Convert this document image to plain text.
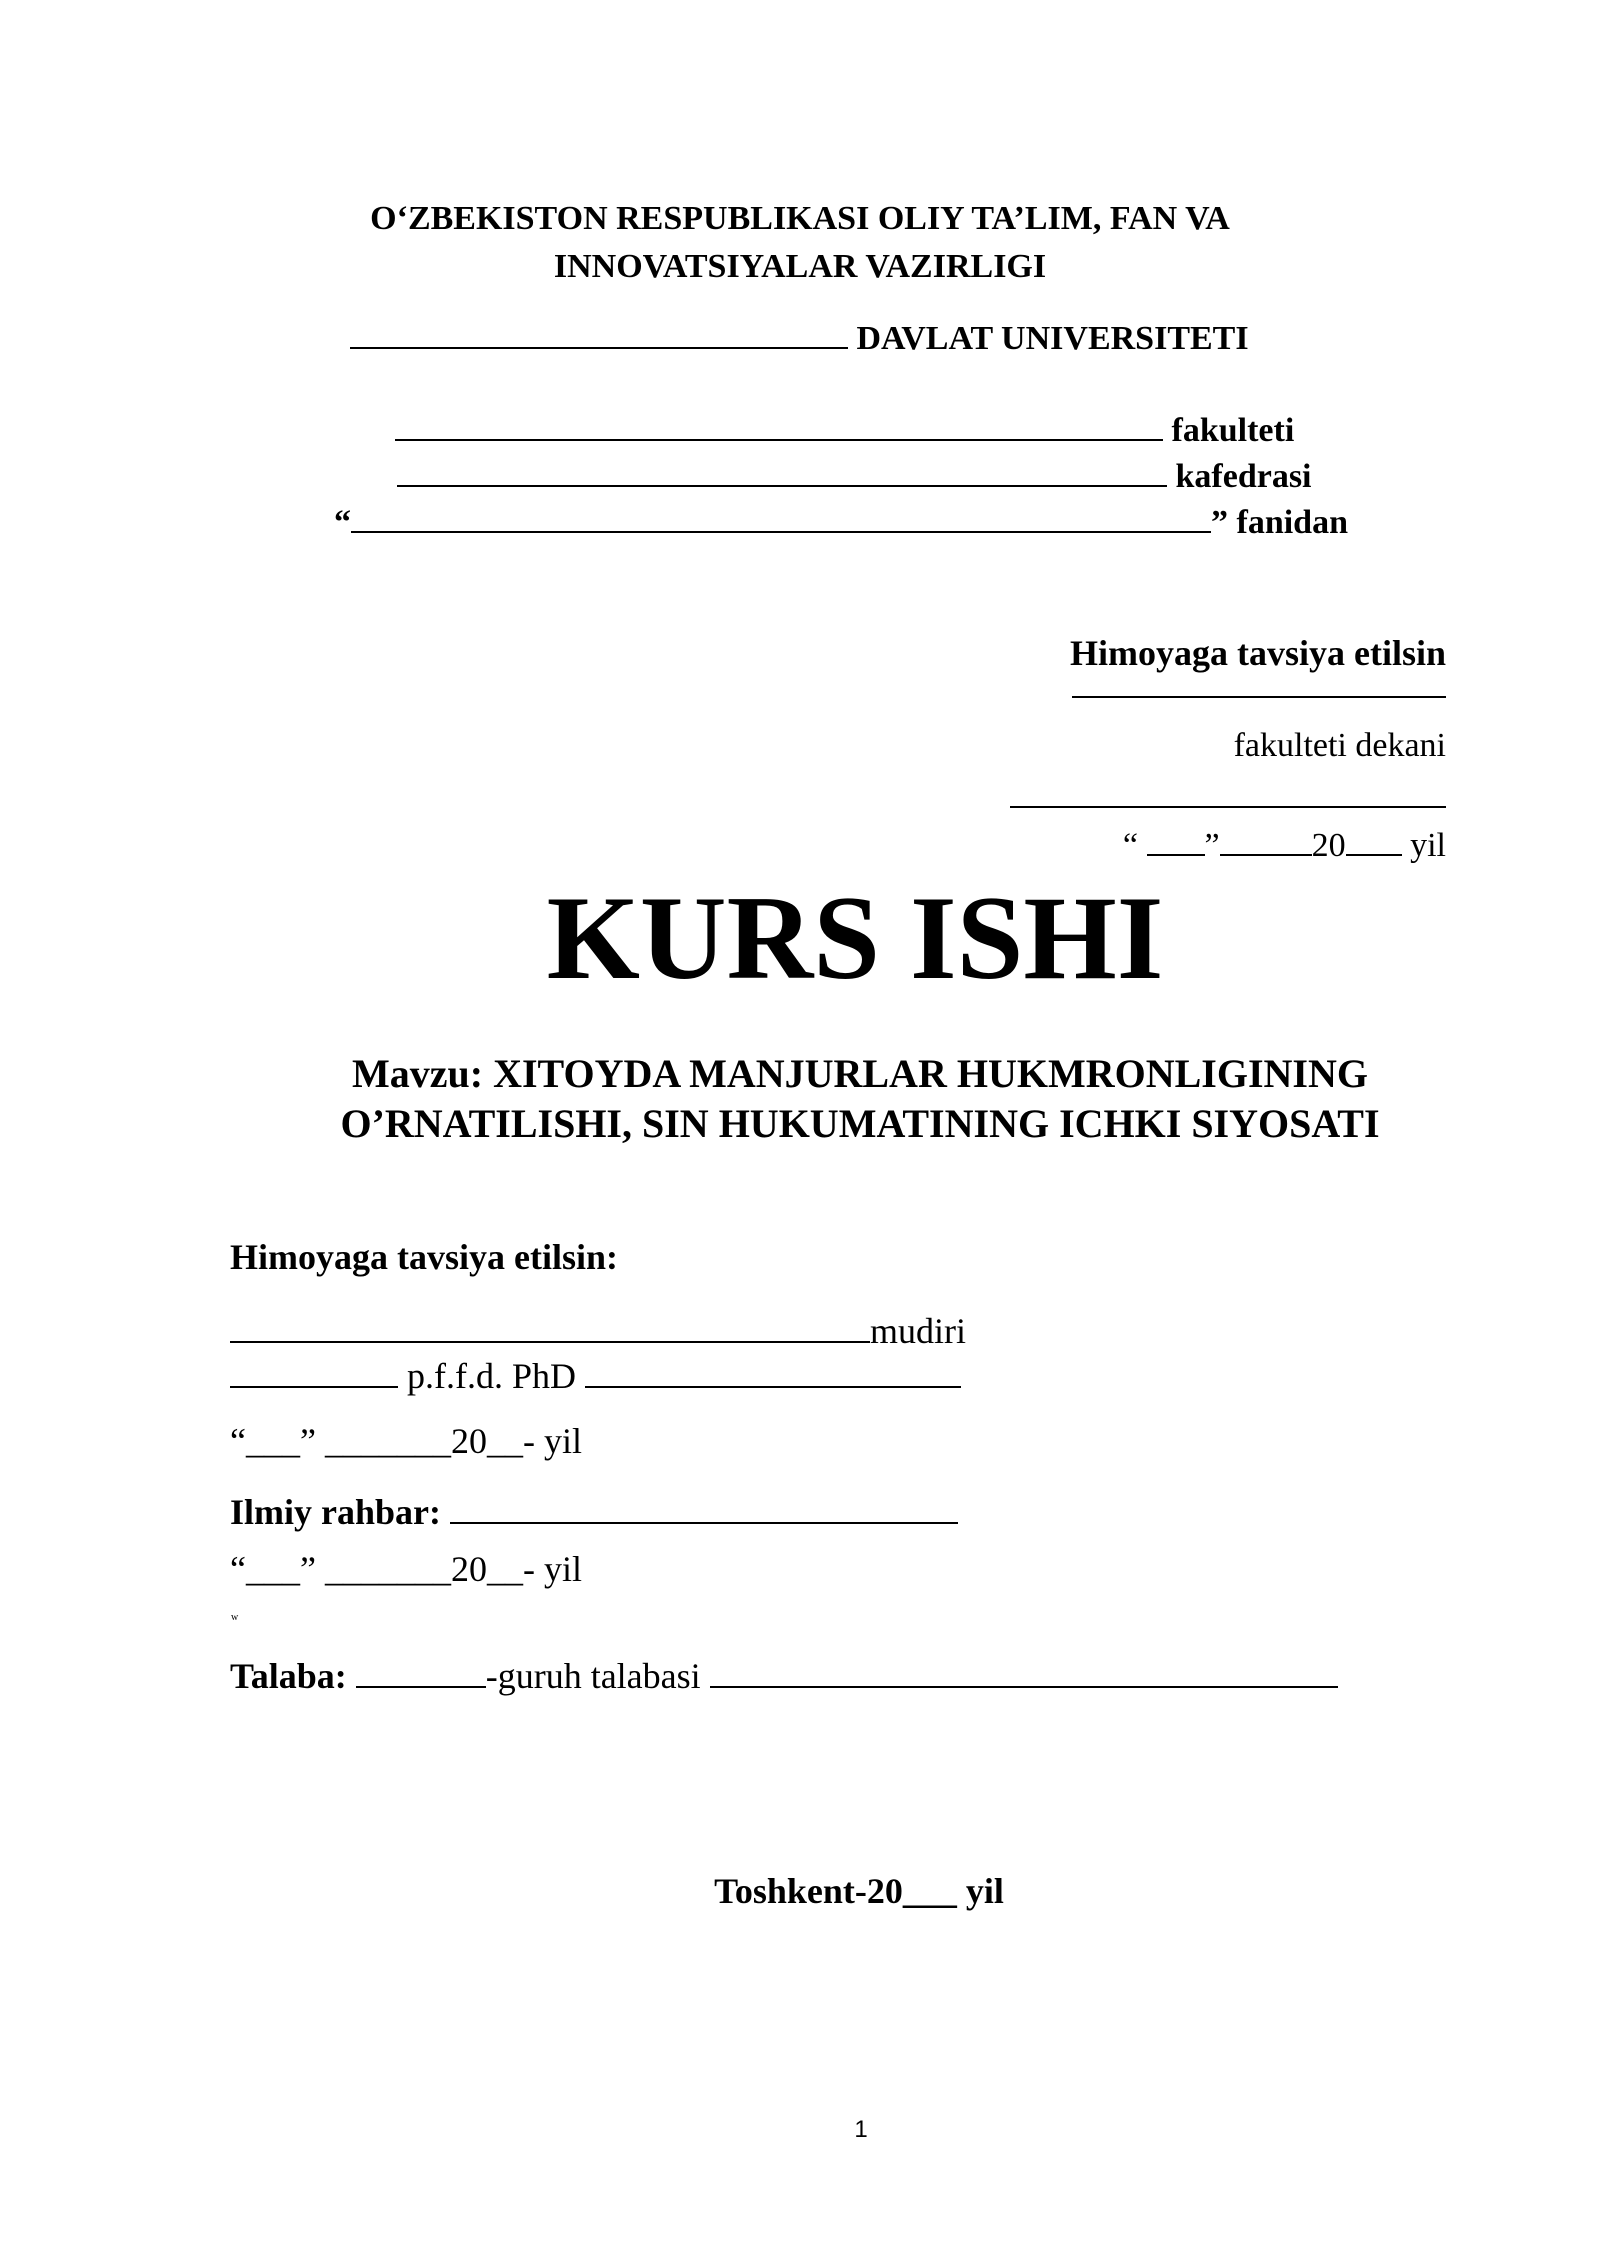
O‘ZBEKISTON RESPUBLIKASI OLIY TA’LIM, FAN VA
INNOVATSIYALAR VAZIRLIGI
DAVLAT UNIVERSITETI
fakulteti
kafedrasi
“	” fanidan
Himoyaga tavsiya etilsin
fakulteti dekani
“ ”	20 yil
KURS ISHI
Mavzu: XITOYDA MANJURLAR HUKMRONLIGINING
O’RNATILISHI, SIN HUKUMATINING ICHKI SIYOSATI
Himoyaga tavsiya etilsin:
mudiri
p.f.f.d. PhD
“___” _______20__- yil
Ilmiy rahbar:
“___” _______20__- yil
w
Talaba:	-guruh talabasi
Toshkent-20___ yil
1
